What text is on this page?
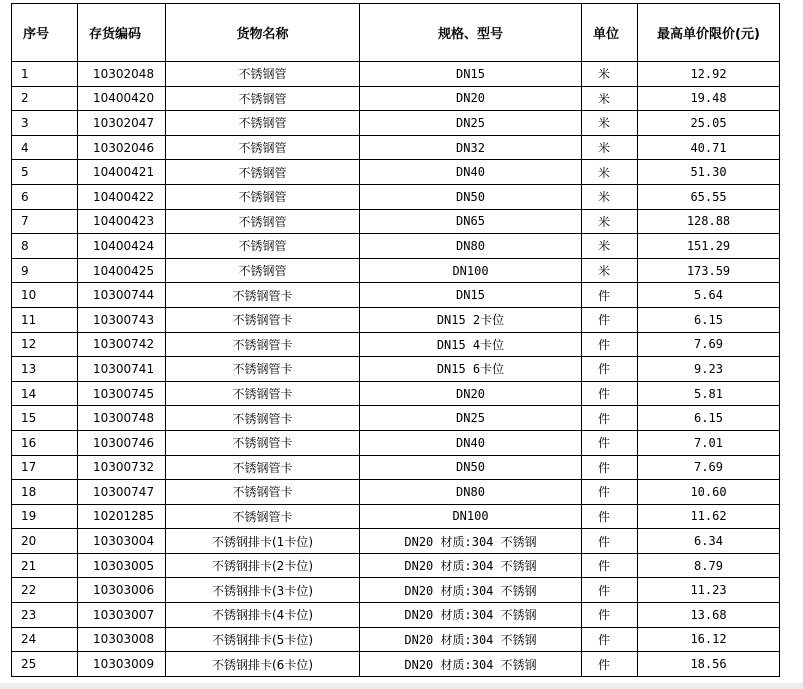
序号	存货编码	货物名称	规格、型号	单位	最高单价限价(元)
1	10302048	不锈钢管	DN15	米	12.92
2	10400420	不锈钢管	DN20	米	19.48
3	10302047	不锈钢管	DN25	米	25.05
4	10302046	不锈钢管	DN32	米	40.71
5	10400421	不锈钢管	DN40	米	51.30
6	10400422	不锈钢管	DN50	米	65.55
7	10400423	不锈钢管	DN65	米	128.88
8	10400424	不锈钢管	DN80	米	151.29
9	10400425	不锈钢管	DN100	米	173.59
10	10300744	不锈钢管卡	DN15	件	5.64
11	10300743	不锈钢管卡	DN15 2卡位	件	6.15
12	10300742	不锈钢管卡	DN15 4卡位	件	7.69
13	10300741	不锈钢管卡	DN15 6卡位	件	9.23
14	10300745	不锈钢管卡	DN20	件	5.81
15	10300748	不锈钢管卡	DN25	件	6.15
16	10300746	不锈钢管卡	DN40	件	7.01
17	10300732	不锈钢管卡	DN50	件	7.69
18	10300747	不锈钢管卡	DN80	件	10.60
19	10201285	不锈钢管卡	DN100	件	11.62
20	10303004	不锈钢排卡(1卡位)	DN20 材质:304 不锈钢	件	6.34
21	10303005	不锈钢排卡(2卡位)	DN20 材质:304 不锈钢	件	8.79
22	10303006	不锈钢排卡(3卡位)	DN20 材质:304 不锈钢	件	11.23
23	10303007	不锈钢排卡(4卡位)	DN20 材质:304 不锈钢	件	13.68
24	10303008	不锈钢排卡(5卡位)	DN20 材质:304 不锈钢	件	16.12
25	10303009	不锈钢排卡(6卡位)	DN20 材质:304 不锈钢	件	18.56
